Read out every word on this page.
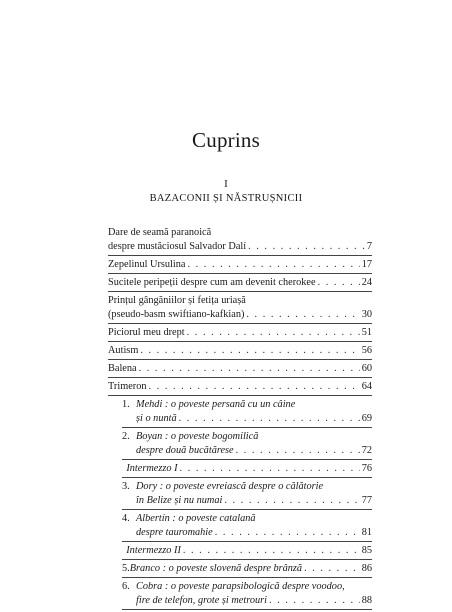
Cuprins
I
BAZACONII ȘI NĂSTRUȘNICII
Dare de seamă paranoică
despre mustăciosul Salvador Dalí . . .	7
Zepelinul Ursulina . . .	17
Sucitele peripeții despre cum am devenit cherokee . . .	24
Prințul gângăniilor și fetița uriașă
(pseudo-basm swiftiano-kafkian) . . .	30
Piciorul meu drept . . .	51
Autism . . .	56
Balena . . .	60
Trimeron . . .	64
1. Mehdi : o poveste persană cu un câine
și o nuntă . . .	69
2. Boyan : o poveste bogomilică
despre două bucătărese . . .	72
Intermezzo I . . .	76
3. Dory : o poveste evreiască despre o călătorie
în Belize și nu numai . . .	77
4. Albertín : o poveste catalană
despre tauromahie . . .	81
Intermezzo II . . .	85
5. Branco : o poveste slovenă despre brânză . . .	86
6. Cobra : o poveste parapsibologică despre voodoo,
fire de telefon, grote și metrouri . . .	88
